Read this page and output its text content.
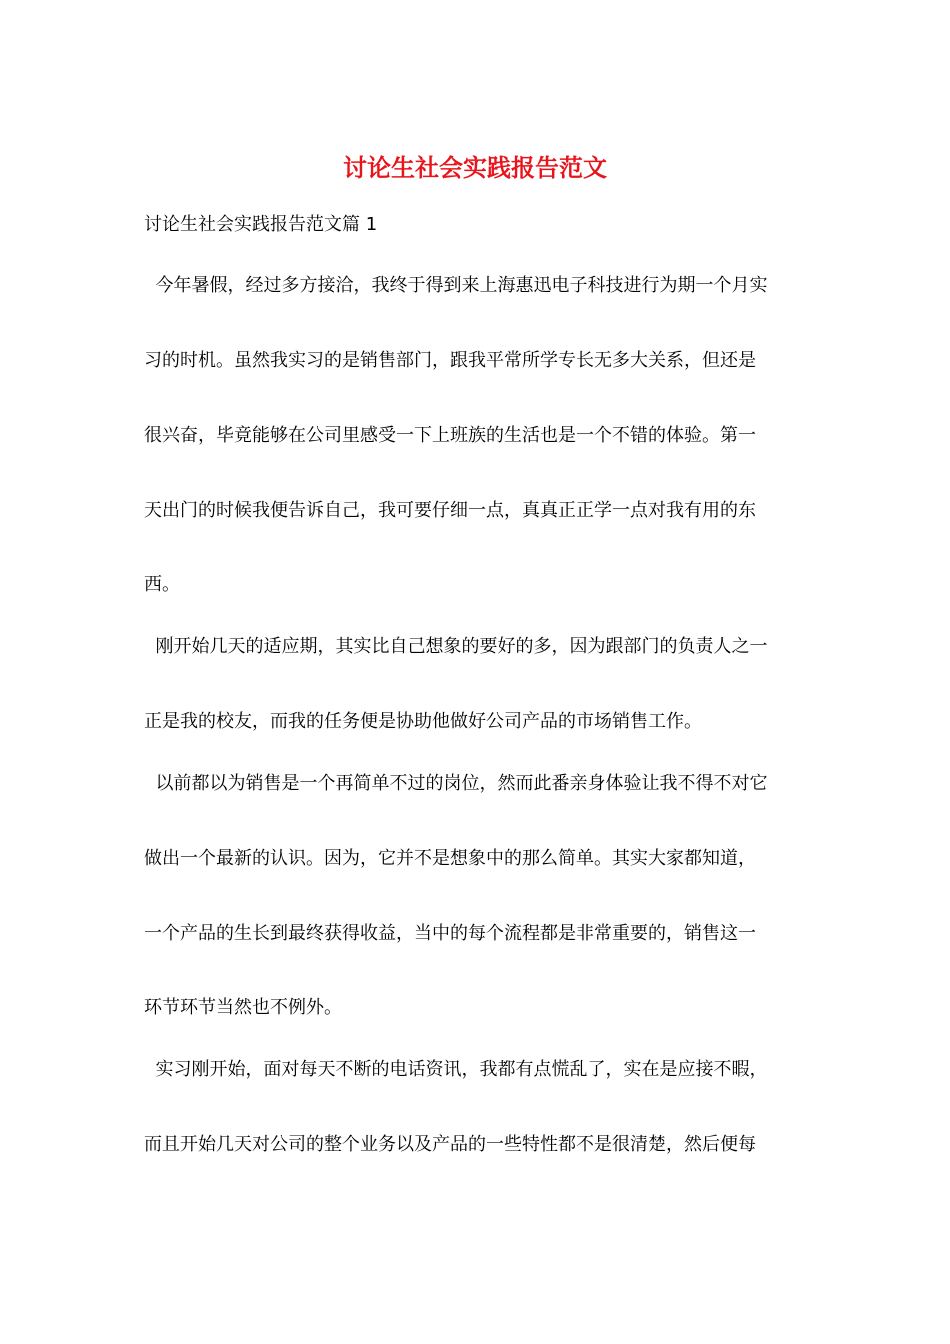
讨论生社会实践报告范文

讨论生社会实践报告范文篇 1

今年暑假，经过多方接洽，我终于得到来上海惠迅电子科技进行为期一个月实

习的时机。虽然我实习的是销售部门，跟我平常所学专长无多大关系，但还是

很兴奋，毕竟能够在公司里感受一下上班族的生活也是一个不错的体验。第一

天出门的时候我便告诉自己，我可要仔细一点，真真正正学一点对我有用的东

西。

刚开始几天的适应期，其实比自己想象的要好的多，因为跟部门的负责人之一

正是我的校友，而我的任务便是协助他做好公司产品的市场销售工作。

以前都以为销售是一个再简单不过的岗位，然而此番亲身体验让我不得不对它

做出一个最新的认识。因为，它并不是想象中的那么简单。其实大家都知道，

一个产品的生长到最终获得收益，当中的每个流程都是非常重要的，销售这一

环节环节当然也不例外。

实习刚开始，面对每天不断的电话资讯，我都有点慌乱了，实在是应接不暇，

而且开始几天对公司的整个业务以及产品的一些特性都不是很清楚，然后便每
